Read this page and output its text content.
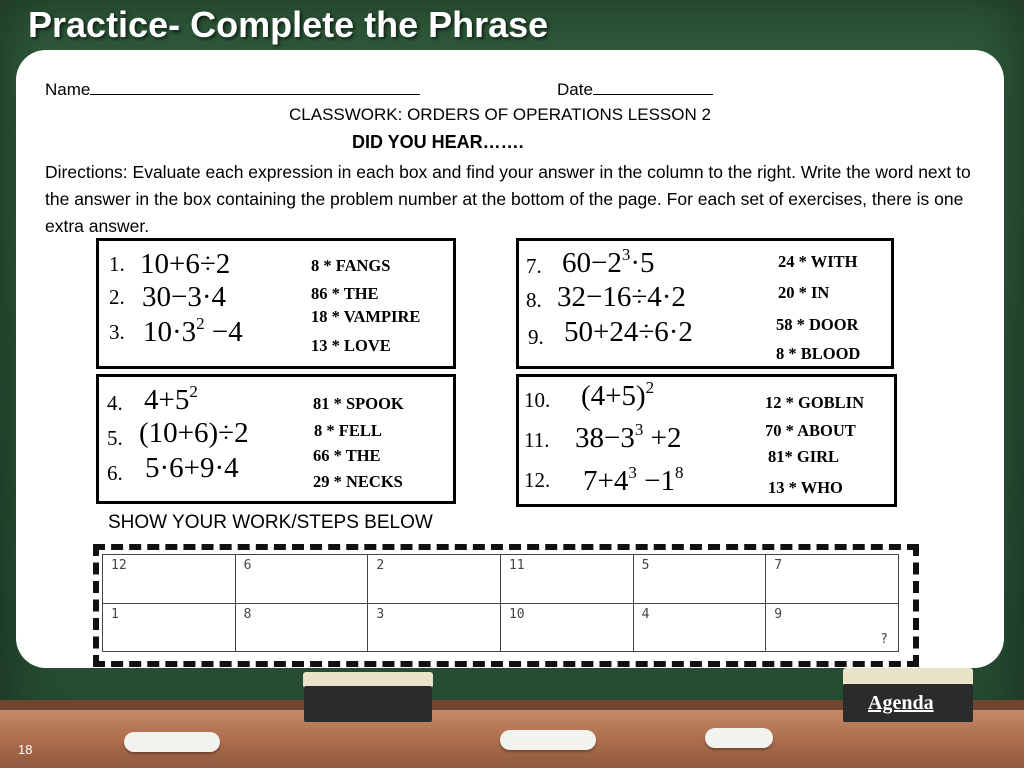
Practice- Complete the Phrase
Name	Date
CLASSWORK: ORDERS OF OPERATIONS LESSON 2
DID YOU HEAR…….
Directions: Evaluate each expression in each box and find your answer in the column to the right. Write the word next to the answer in the box containing the problem number at the bottom of the page. For each set of exercises, there is one extra answer.
1. 10+6÷2
2. 30−3·4
3. $10\cdot 3^2 -4$
8 * FANGS
86 * THE
18 * VAMPIRE
13 * LOVE
7. $60-2^3\cdot 5$
8. 32−16÷4·2
9. 50+24÷6·2
24 * WITH
20 * IN
58 * DOOR
8 * BLOOD
4. $4+5^2$
5. (10+6)÷2
6. 5·6+9·4
81 * SPOOK
8 * FELL
66 * THE
29 * NECKS
10. $(4+5)^2$
11. $38-3^3 +2$
12. $7+4^3 -1^8$
12 * GOBLIN
70 * ABOUT
81* GIRL
13 * WHO
SHOW YOUR WORK/STEPS BELOW
12	6	2	11	5	7
1	8	3	10	4	9
?
Agenda
18
